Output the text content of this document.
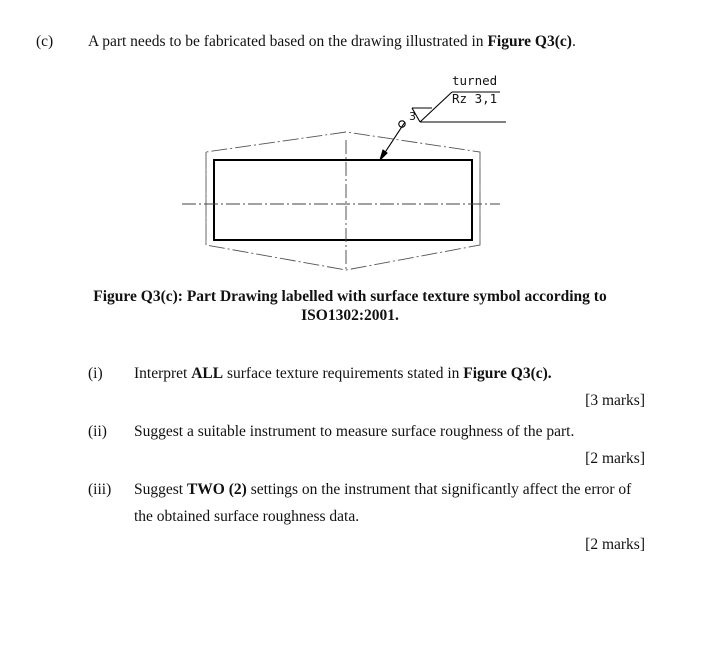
(c) A part needs to be fabricated based on the drawing illustrated in Figure Q3(c).
turned
Rz 3,1
3
Figure Q3(c): Part Drawing labelled with surface texture symbol according to
ISO1302:2001.
(i) Interpret ALL surface texture requirements stated in Figure Q3(c).
[3 marks]
(ii) Suggest a suitable instrument to measure surface roughness of the part.
[2 marks]
(iii) Suggest TWO (2) settings on the instrument that significantly affect the error of
the obtained surface roughness data.
[2 marks]
